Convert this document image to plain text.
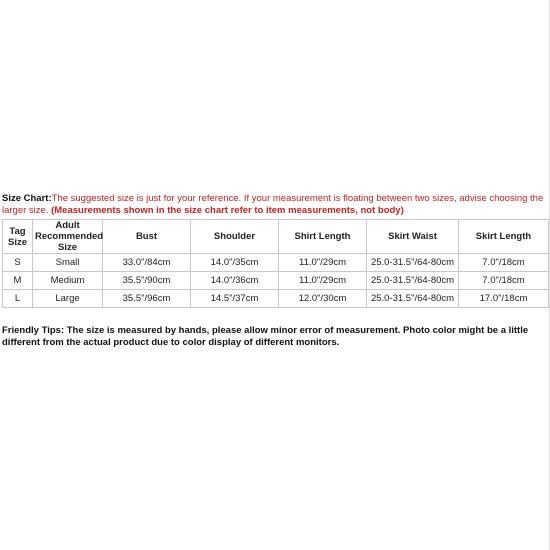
Size Chart:The suggested size is just for your reference. If your measurement is floating between two sizes, advise choosing the larger size. (Measurements shown in the size chart refer to item measurements, not body)

Tag Size	Adult Recommended Size	Bust	Shoulder	Shirt Length	Skirt Waist	Skirt Length
S	Small	33.0"/84cm	14.0"/35cm	11.0"/29cm	25.0-31.5"/64-80cm	7.0"/18cm
M	Medium	35.5"/90cm	14.0"/36cm	11.0"/29cm	25.0-31.5"/64-80cm	7.0"/18cm
L	Large	35.5"/96cm	14.5"/37cm	12.0"/30cm	25.0-31.5"/64-80cm	17.0"/18cm

Friendly Tips: The size is measured by hands, please allow minor error of measurement. Photo color might be a little different from the actual product due to color display of different monitors.
